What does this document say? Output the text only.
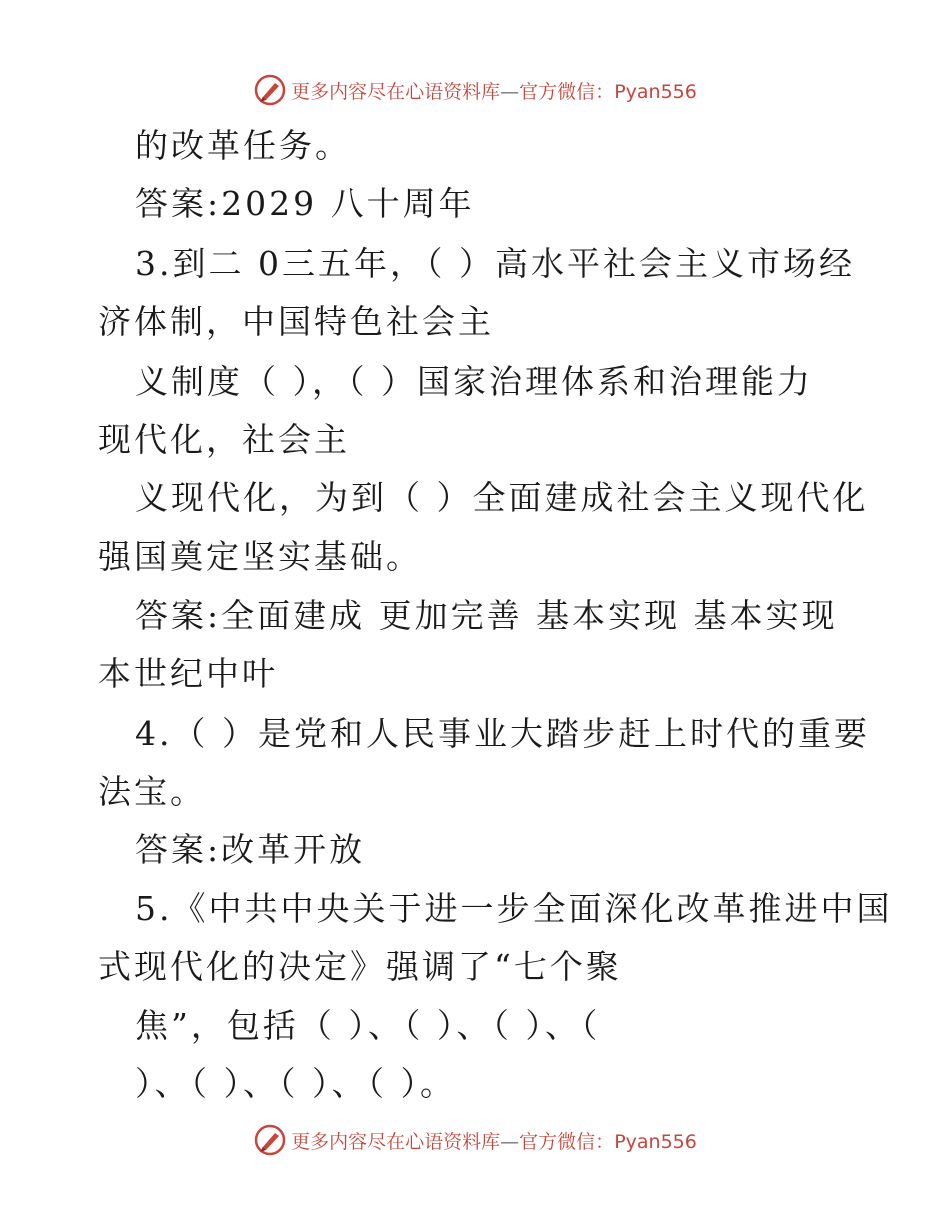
更多内容尽在心语资料库—官方微信：Pyan556
的改革任务。
答案:2029 八十周年
3.到二 0三五年，（ ）高水平社会主义市场经
济体制，中国特色社会主
义制度（ ），（ ）国家治理体系和治理能力
现代化，社会主
义现代化，为到（ ）全面建成社会主义现代化
强国奠定坚实基础。
答案:全面建成 更加完善 基本实现 基本实现
本世纪中叶
4.（ ）是党和人民事业大踏步赶上时代的重要
法宝。
答案:改革开放
5.《中共中央关于进一步全面深化改革推进中国
式现代化的决定》强调了“七个聚
焦”，包括（ ）、（ ）、（ ）、（
）、（ ）、（ ）、（ ）。
更多内容尽在心语资料库—官方微信：Pyan556
